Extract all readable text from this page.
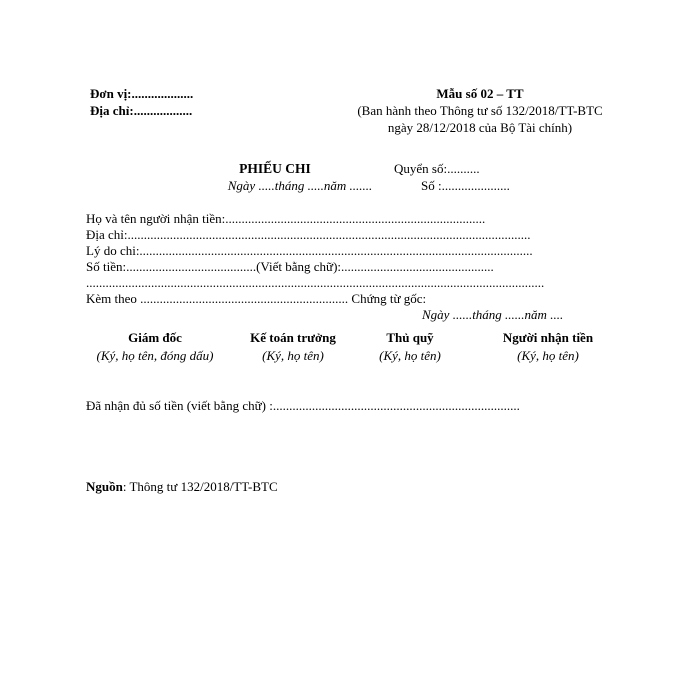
Đơn vị:...................
Địa chỉ:..................
Mẫu số 02 – TT
(Ban hành theo Thông tư số 132/2018/TT-BTC
ngày 28/12/2018 của Bộ Tài chính)
PHIẾU CHI
Ngày .....tháng .....năm .......
Quyển số:..........
Số :.....................
Họ và tên người nhận tiền:................................................................................
Địa chỉ:............................................................................................................................
Lý do chi:.........................................................................................................................
Số tiền:........................................(Viết bằng chữ):...............................................
.............................................................................................................................................
Kèm theo ................................................................ Chứng từ gốc:
Ngày ......tháng ......năm ....
Giám đốc
(Ký, họ tên, đóng dấu)
Kế toán trưởng
(Ký, họ tên)
Thủ quỹ
(Ký, họ tên)
Người nhận tiền
(Ký, họ tên)
Đã nhận đủ số tiền (viết bằng chữ) :............................................................................
Nguồn: Thông tư 132/2018/TT-BTC
